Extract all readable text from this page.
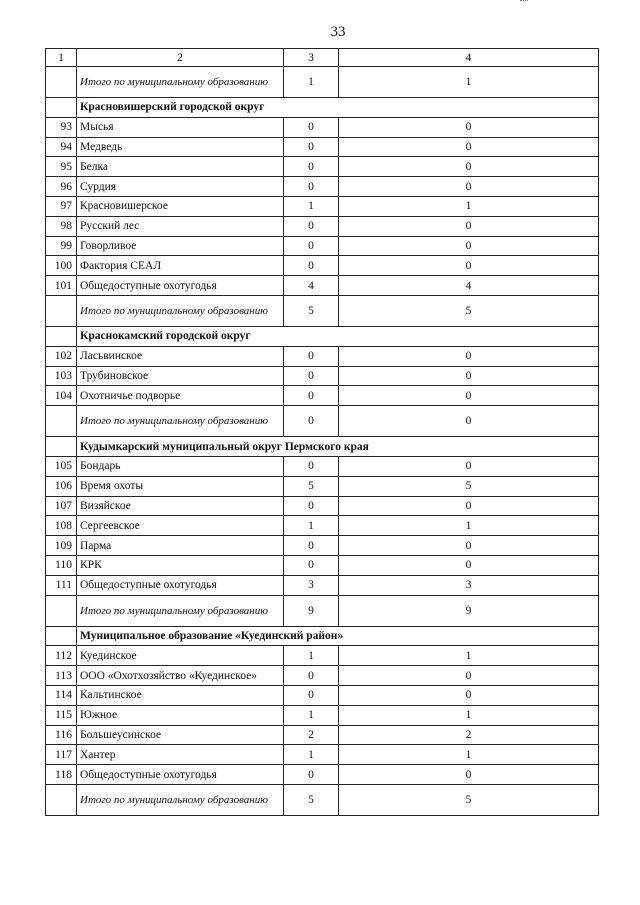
33
1	2	3	4
	Итого по муниципальному образованию	1	1
	Красновишерский городской округ		
93	Мысья	0	0
94	Медведь	0	0
95	Белка	0	0
96	Сурдия	0	0
97	Красновишерское	1	1
98	Русский лес	0	0
99	Говорливое	0	0
100	Фактория СЕАЛ	0	0
101	Общедоступные охотугодья	4	4
	Итого по муниципальному образованию	5	5
	Краснокамский городской округ		
102	Ласьвинское	0	0
103	Трубиновское	0	0
104	Охотничье подворье	0	0
	Итого по муниципальному образованию	0	0
	Кудымкарский муниципальный округ Пермского края		
105	Бондарь	0	0
106	Время охоты	5	5
107	Визяйское	0	0
108	Сергеевское	1	1
109	Парма	0	0
110	КРК	0	0
111	Общедоступные охотугодья	3	3
	Итого по муниципальному образованию	9	9
	Муниципальное образование «Куединский район»		
112	Куединское	1	1
113	ООО «Охотхозяйство «Куединское»	0	0
114	Кальтинское	0	0
115	Южное	1	1
116	Большеусинское	2	2
117	Хантер	1	1
118	Общедоступные охотугодья	0	0
	Итого по муниципальному образованию	5	5
